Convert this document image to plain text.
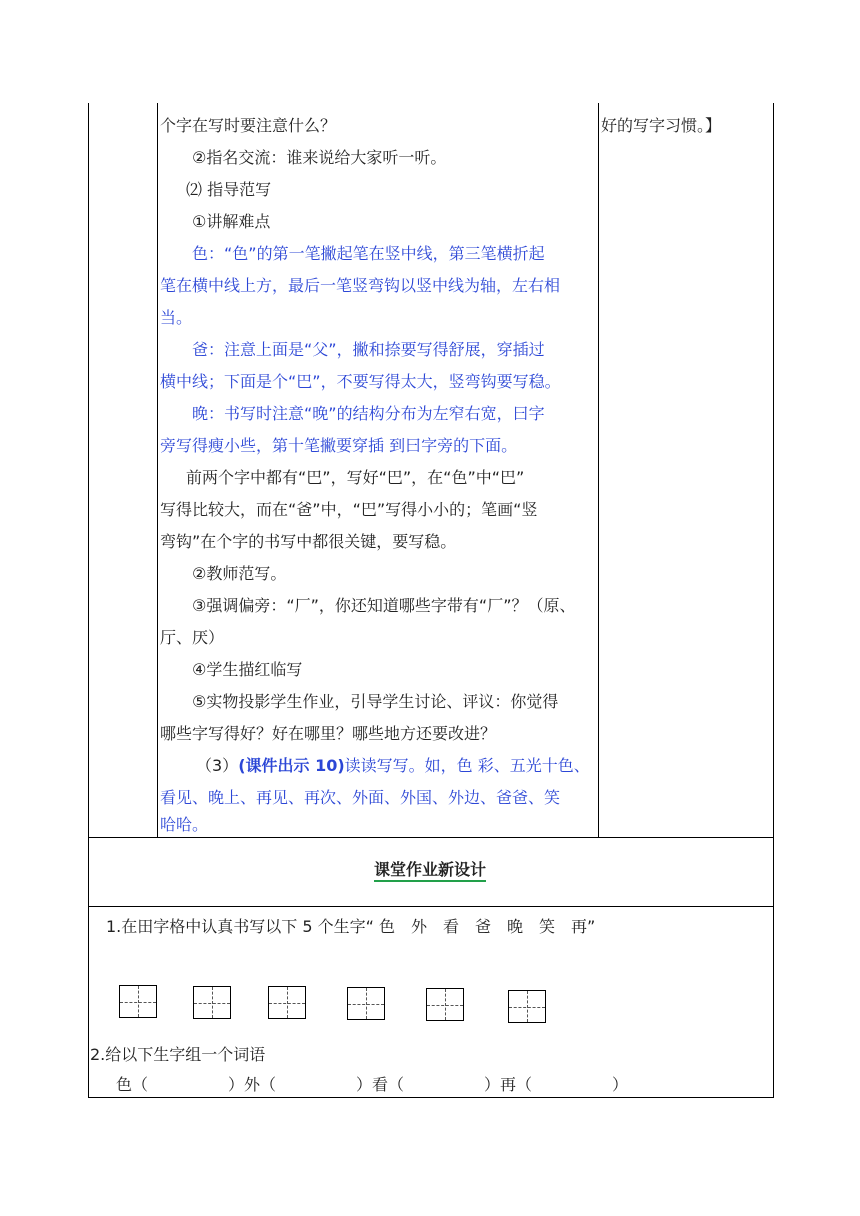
个字在写时要注意什么？
②指名交流：谁来说给大家听一听。
⑵ 指导范写
①讲解难点
色：“色”的第一笔撇起笔在竖中线，第三笔横折起
笔在横中线上方，最后一笔竖弯钩以竖中线为轴，左右相
当。
爸：注意上面是“父”，撇和捺要写得舒展，穿插过
横中线；下面是个“巴”，不要写得太大，竖弯钩要写稳。
晚：书写时注意“晚”的结构分布为左窄右宽，曰字
旁写得瘦小些，第十笔撇要穿插 到曰字旁的下面。
前两个字中都有“巴”，写好“巴”，在“色”中“巴”
写得比较大，而在“爸”中，“巴”写得小小的；笔画“竖
弯钩”在个字的书写中都很关键，要写稳。
②教师范写。
③强调偏旁：“厂”，你还知道哪些字带有“厂”？（原、
厅、厌）
④学生描红临写
⑤实物投影学生作业，引导学生讨论、评议：你觉得
哪些字写得好？好在哪里？哪些地方还要改进？
（3）(课件出示 10)读读写写。如，色 彩、五光十色、
看见、晚上、再见、再次、外面、外国、外边、爸爸、笑
哈哈。
好的写字习惯。】
课堂作业新设计
1.在田字格中认真书写以下 5 个生字“ 色　外　看　爸　晚　笑　再”
2.给以下生字组一个词语
色（　　　　　）外（　　　　　）看（　　　　　）再（　　　　　）
